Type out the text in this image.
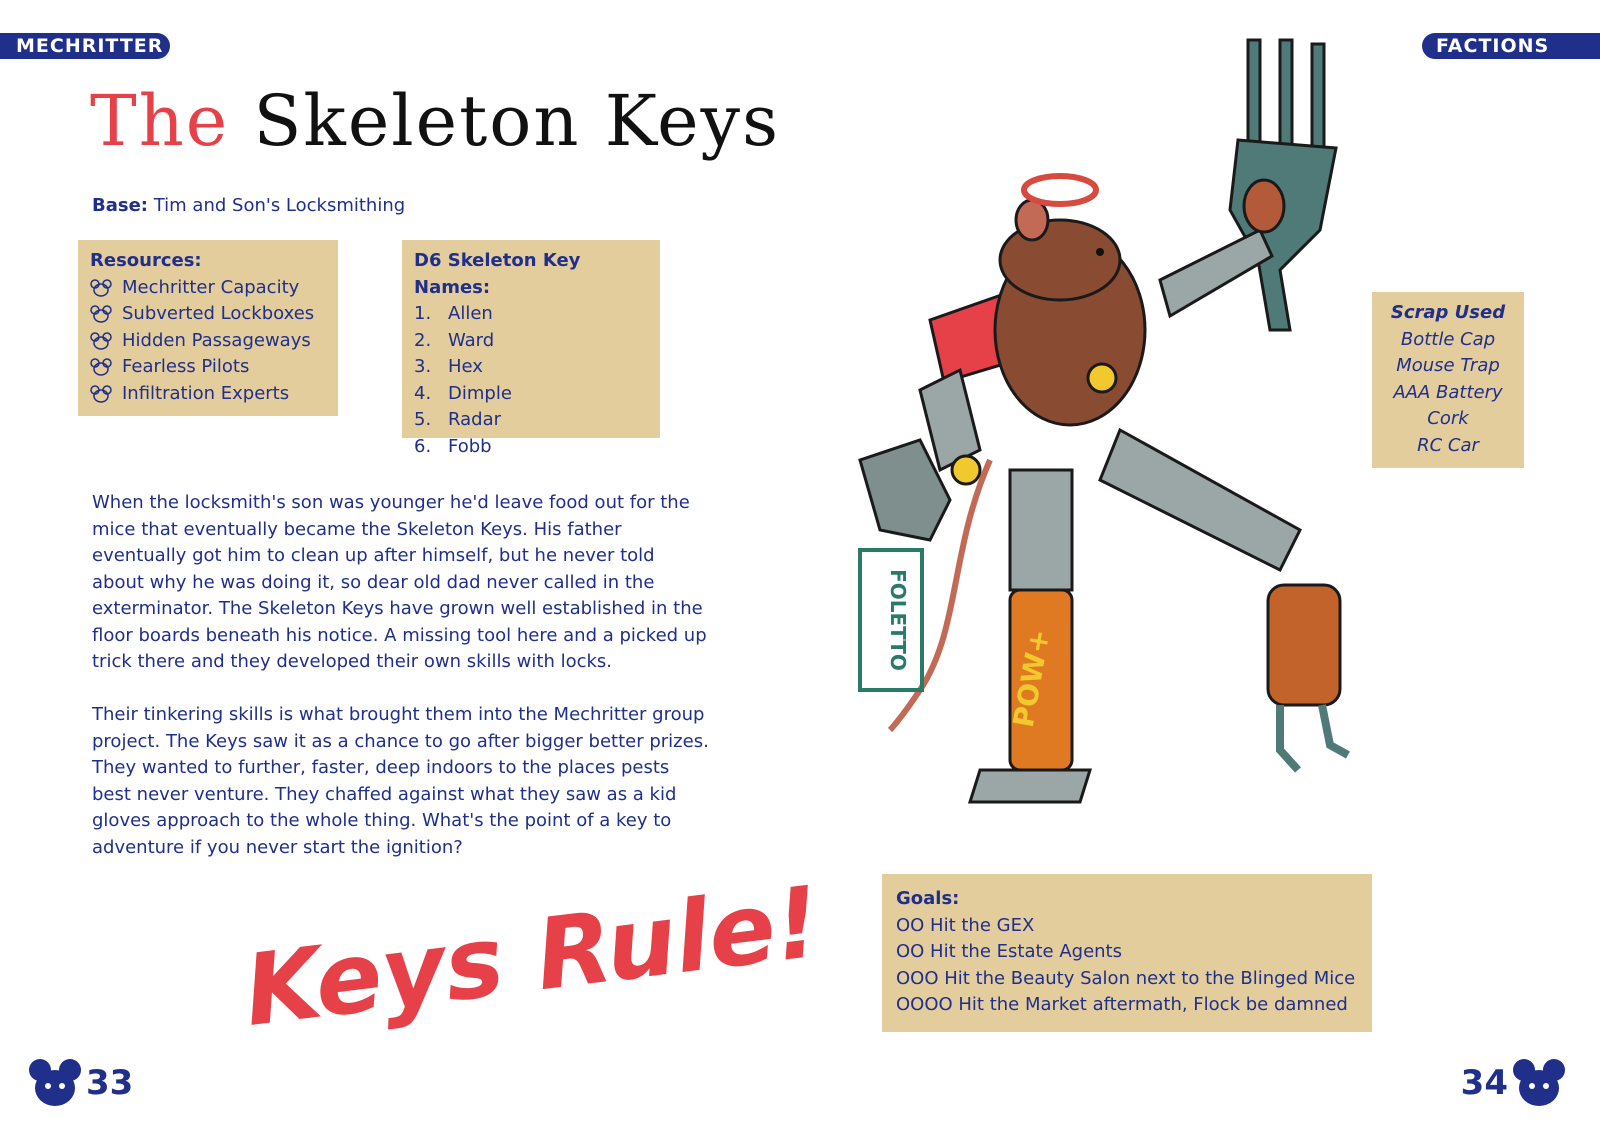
MECHRITTER	FACTIONS
The Skeleton Keys
Base: Tim and Son's Locksmithing
Resources:
Mechritter Capacity
Subverted Lockboxes
Hidden Passageways
Fearless Pilots
Infiltration Experts
D6 Skeleton Key Names:
1. Allen
2. Ward
3. Hex
4. Dimple
5. Radar
6. Fobb
When the locksmith's son was younger he'd leave food out for the mice that eventually became the Skeleton Keys. His father eventually got him to clean up after himself, but he never told about why he was doing it, so dear old dad never called in the exterminator. The Skeleton Keys have grown well established in the floor boards beneath his notice. A missing tool here and a picked up trick there and they developed their own skills with locks.
Their tinkering skills is what brought them into the Mechritter group project. The Keys saw it as a chance to go after bigger better prizes. They wanted to further, faster, deep indoors to the places pests best never venture. They chaffed against what they saw as a kid gloves approach to the whole thing. What's the point of a key to adventure if you never start the ignition?
Keys Rule!
POW+
FOLETTO
Scrap Used
Bottle Cap
Mouse Trap
AAA Battery
Cork
RC Car
Goals:
OO Hit the GEX
OO Hit the Estate Agents
OOO Hit the Beauty Salon next to the Blinged Mice
OOOO Hit the Market aftermath, Flock be damned
33	34
